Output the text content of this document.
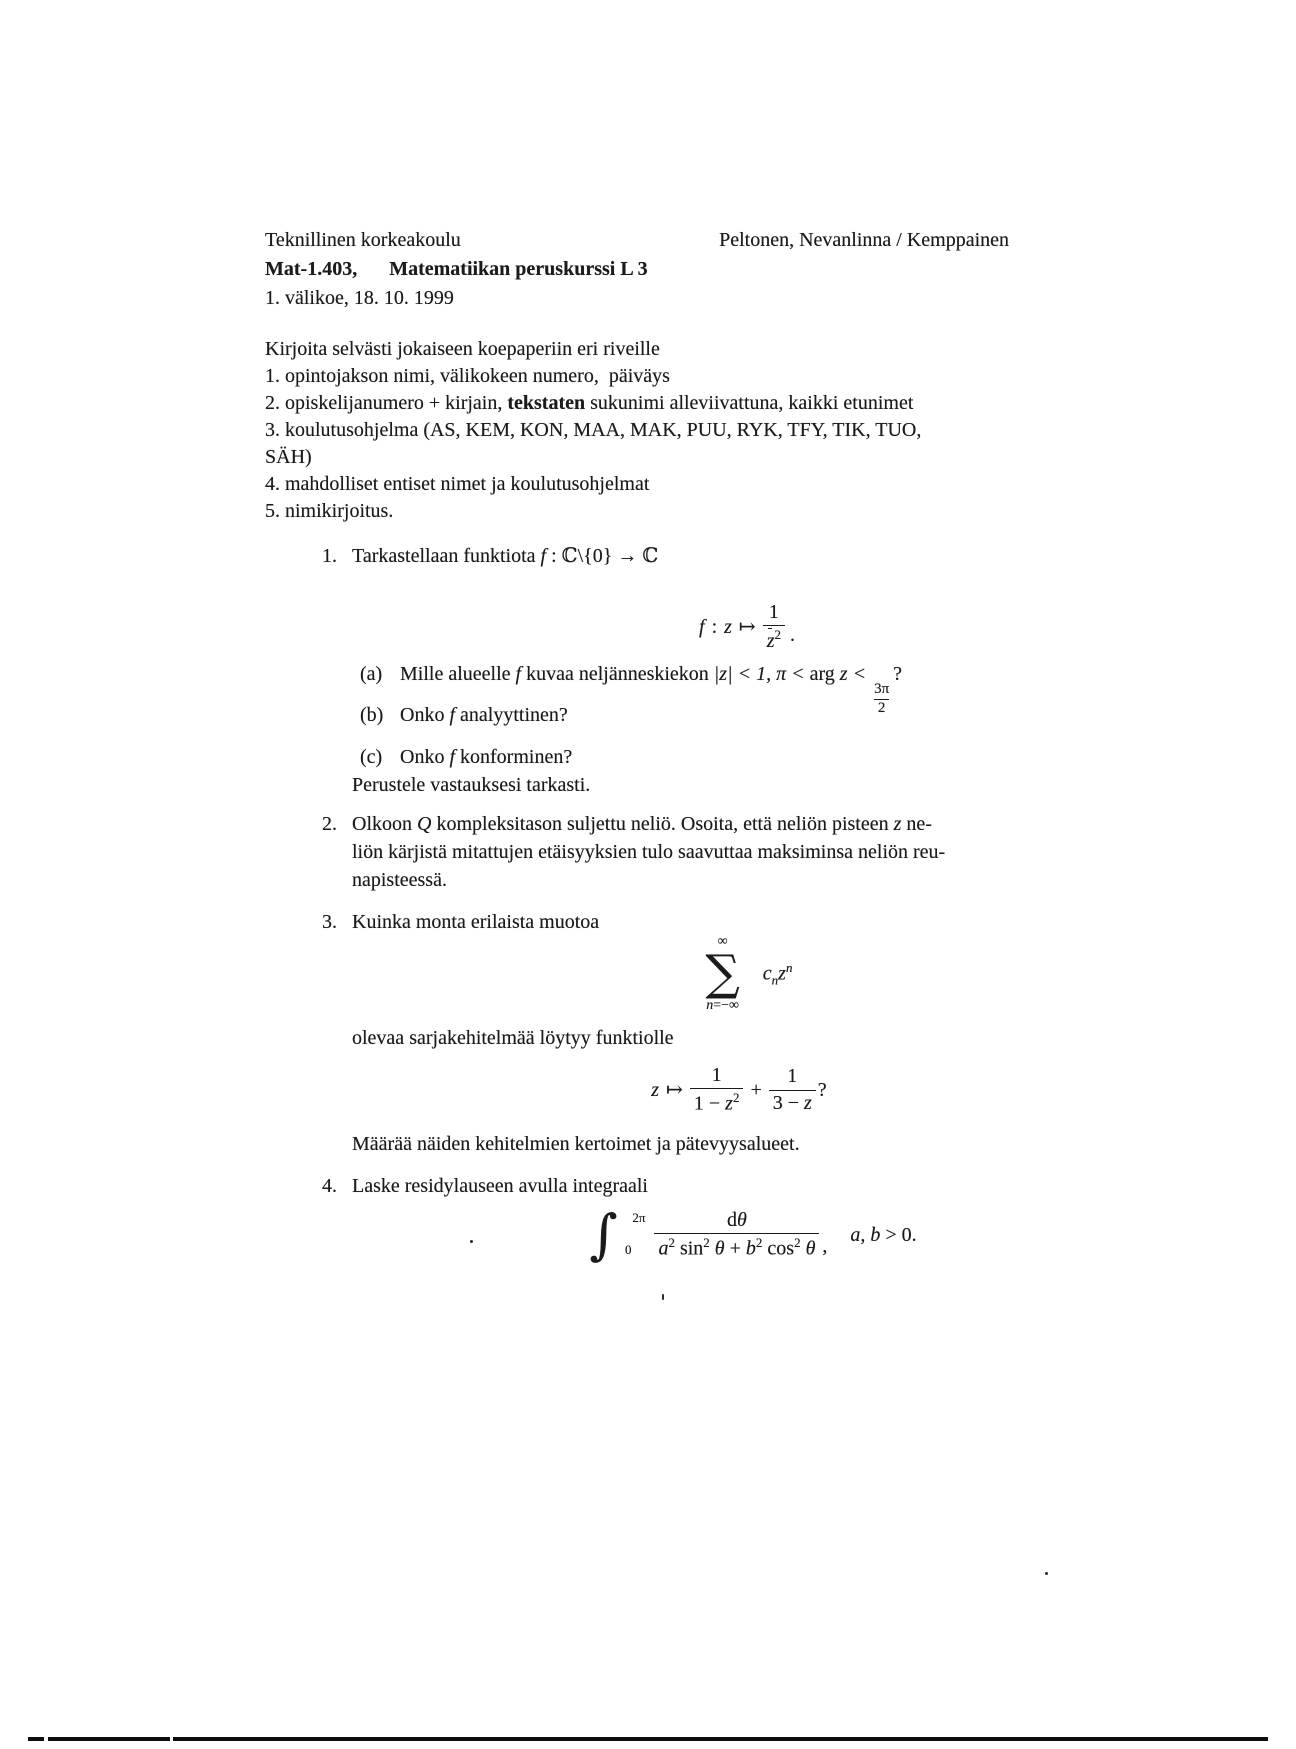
Teknillinen korkeakoulu	Peltonen, Nevanlinna / Kemppainen
Mat-1.403, Matematiikan peruskurssi L 3
1. välikoe, 18. 10. 1999
Kirjoita selvästi jokaiseen koepaperiin eri riveille
1. opintojakson nimi, välikokeen numero,  päiväys
2. opiskelijanumero + kirjain, tekstaten sukunimi alleviivattuna, kaikki etunimet
3. koulutusohjelma (AS, KEM, KON, MAA, MAK, PUU, RYK, TFY, TIK, TUO,
SÄH)
4. mahdolliset entiset nimet ja koulutusohjelmat
5. nimikirjoitus.
1. Tarkastellaan funktiota f : ℂ\{0} → ℂ
f : z ↦ $\frac{1}{z^2}$ .
(a) Mille alueelle f kuvaa neljänneskiekon |z| < 1, π < arg z <
$\frac{3\pi}{2}$
?
(b) Onko f analyyttinen?
(c) Onko f konforminen?
Perustele vastauksesi tarkasti.
2. Olkoon Q kompleksitason suljettu neliö. Osoita, että neliön pisteen z ne-
liön kärjistä mitattujen etäisyyksien tulo saavuttaa maksiminsa neliön reu-
napisteessä.
3. Kuinka monta erilaista muotoa
∞
∑
n=−∞
$c_nz^n$
olevaa sarjakehitelmää löytyy funktiolle
z ↦ $\frac{1}{1 - z^2} + \frac{1}{3 - z}$ ?
Määrää näiden kehitelmien kertoimet ja pätevyysalueet.
4. Laske residylauseen avulla integraali
∫ 2π
$0 \frac{d\theta}{a^2 \sin^2 \theta + b^2 \cos^2 \theta}$ , a, b > 0.
